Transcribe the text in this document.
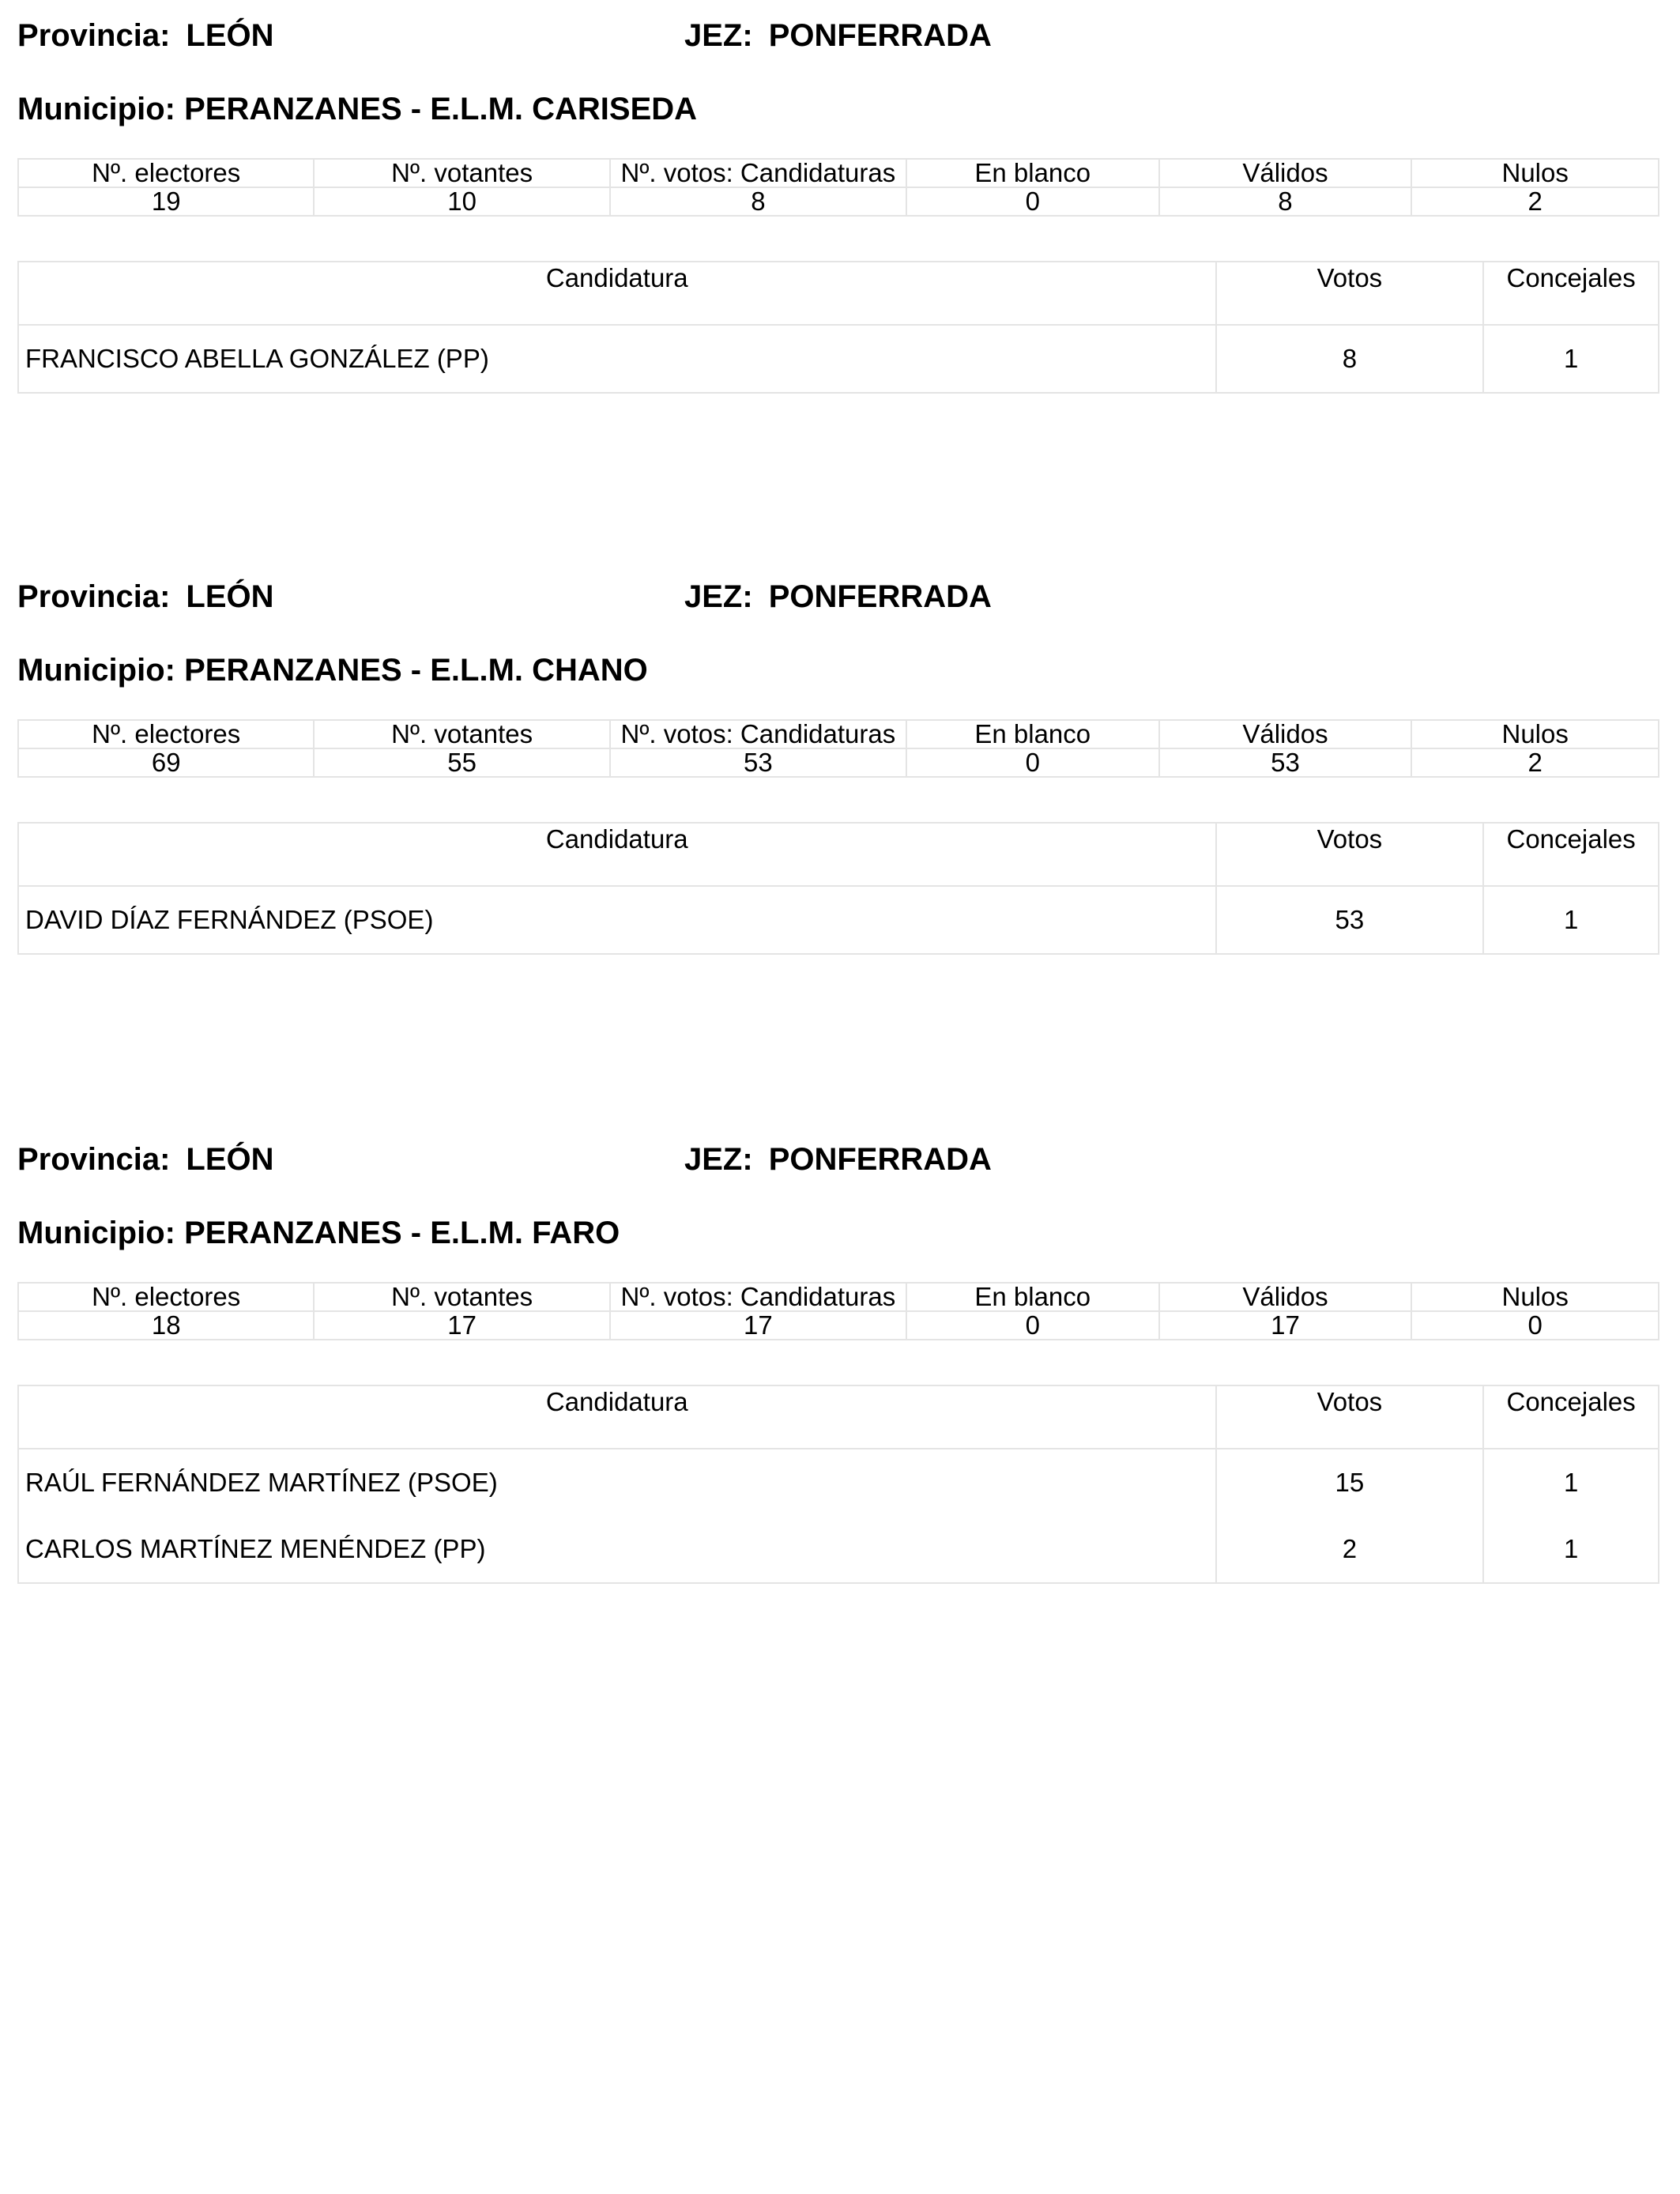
Provincia: LEÓN	JEZ: PONFERRADA
Municipio: PERANZANES - E.L.M. CARISEDA
Nº. electores	Nº. votantes	Nº. votos: Candidaturas	En blanco	Válidos	Nulos
19	10	8	0	8	2
Candidatura	Votos	Concejales
FRANCISCO ABELLA GONZÁLEZ (PP)	8	1
Provincia: LEÓN	JEZ: PONFERRADA
Municipio: PERANZANES - E.L.M. CHANO
Nº. electores	Nº. votantes	Nº. votos: Candidaturas	En blanco	Válidos	Nulos
69	55	53	0	53	2
Candidatura	Votos	Concejales
DAVID DÍAZ FERNÁNDEZ (PSOE)	53	1
Provincia: LEÓN	JEZ: PONFERRADA
Municipio: PERANZANES - E.L.M. FARO
Nº. electores	Nº. votantes	Nº. votos: Candidaturas	En blanco	Válidos	Nulos
18	17	17	0	17	0
Candidatura	Votos	Concejales
RAÚL FERNÁNDEZ MARTÍNEZ (PSOE)	15	1
CARLOS MARTÍNEZ MENÉNDEZ (PP)	2	1
